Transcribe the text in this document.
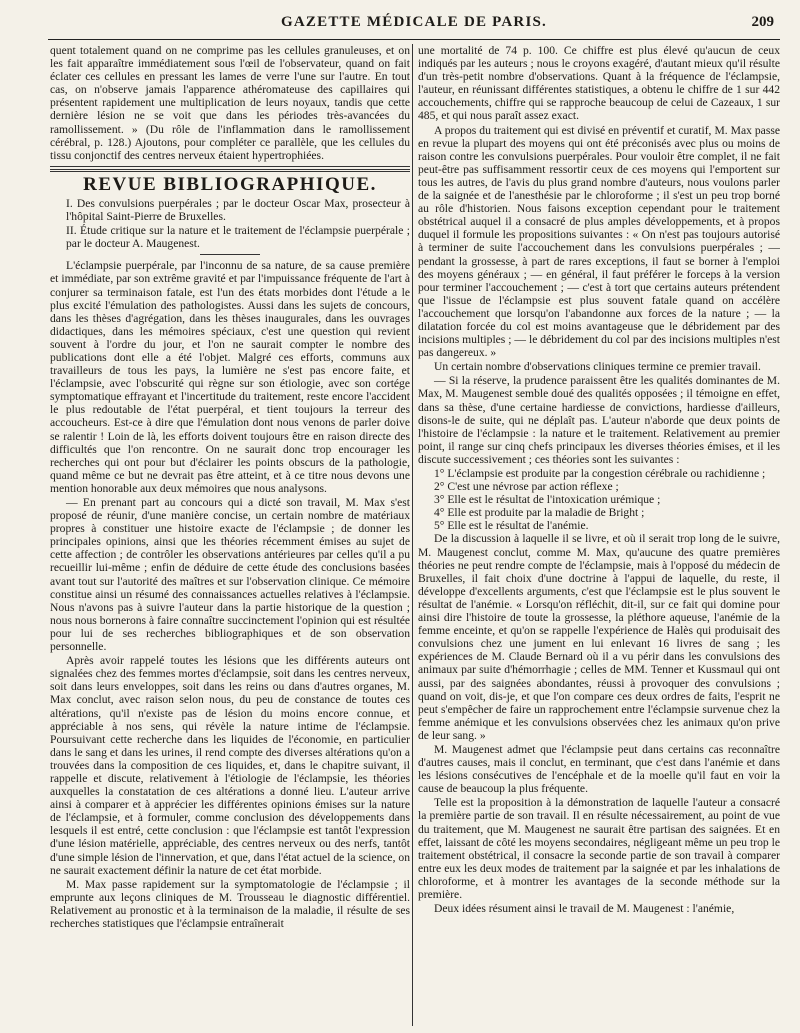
GAZETTE MÉDICALE DE PARIS.	209

quent totalement quand on ne comprime pas les cellules granuleuses, et on les fait apparaître immédiatement sous l'œil de l'observateur, quand on fait éclater ces cellules en pressant les lames de verre l'une sur l'autre. En tout cas, on n'observe jamais l'apparence athéromateuse des capillaires qui présentent rapidement une multiplication de leurs noyaux, tandis que cette dernière lésion ne se voit que dans les périodes très-avancées du ramollissement. » (Du rôle de l'inflammation dans le ramollissement cérébral, p. 128.) Ajoutons, pour compléter ce parallèle, que les cellules du tissu conjonctif des centres nerveux étaient hypertrophiées.

REVUE BIBLIOGRAPHIQUE.

I. Des convulsions puerpérales ; par le docteur Oscar Max, prosecteur à l'hôpital Saint-Pierre de Bruxelles.

II. Étude critique sur la nature et le traitement de l'éclampsie puerpérale ; par le docteur A. Maugenest.

L'éclampsie puerpérale, par l'inconnu de sa nature, de sa cause première et immédiate, par son extrême gravité et par l'impuissance fréquente de l'art à conjurer sa terminaison fatale, est l'un des états morbides dont l'étude a le plus excité l'émulation des pathologistes. Aussi dans les sujets de concours, dans les thèses d'agrégation, dans les thèses inaugurales, dans les ouvrages didactiques, dans les mémoires spéciaux, c'est une question qui revient souvent à l'ordre du jour, et l'on ne saurait compter le nombre des publications dont elle a été l'objet. Malgré ces efforts, communs aux travailleurs de tous les pays, la lumière ne s'est pas encore faite, et l'éclampsie, avec l'obscurité qui règne sur son étiologie, avec son cortége symptomatique effrayant et l'incertitude du traitement, reste encore l'accident le plus redoutable de l'état puerpéral, et tient toujours la terreur des accoucheurs. Est-ce à dire que l'émulation dont nous venons de parler doive se ralentir ! Loin de là, les efforts doivent toujours être en raison directe des difficultés que l'on rencontre. On ne saurait donc trop encourager les recherches qui ont pour but d'éclairer les points obscurs de la pathologie, quand même ce but ne devrait pas être atteint, et à ce titre nous devons une mention honorable aux deux mémoires que nous analysons.

— En prenant part au concours qui a dicté son travail, M. Max s'est proposé de réunir, d'une manière concise, un certain nombre de matériaux propres à constituer une histoire exacte de l'éclampsie ; de donner les principales opinions, ainsi que les théories récemment émises au sujet de cette affection ; de contrôler les observations antérieures par celles qu'il a pu recueillir lui-même ; enfin de déduire de cette étude des conclusions basées avant tout sur l'autorité des maîtres et sur l'observation clinique. Ce mémoire constitue ainsi un résumé des connaissances actuelles relatives à l'éclampsie. Nous n'avons pas à suivre l'auteur dans la partie historique de la question ; nous nous bornerons à faire connaître succinctement l'opinion qui est résultée pour lui de ses recherches bibliographiques et de son observation personnelle.

Après avoir rappelé toutes les lésions que les différents auteurs ont signalées chez des femmes mortes d'éclampsie, soit dans les centres nerveux, soit dans leurs enveloppes, soit dans les reins ou dans d'autres organes, M. Max conclut, avec raison selon nous, du peu de constance de toutes ces altérations, qu'il n'existe pas de lésion du moins encore connue, et appréciable à nos sens, qui révèle la nature intime de l'éclampsie. Poursuivant cette recherche dans les liquides de l'économie, en particulier dans le sang et dans les urines, il rend compte des diverses altérations qu'on a trouvées dans la composition de ces liquides, et, dans le chapitre suivant, il rappelle et discute, relativement à l'étiologie de l'éclampsie, les théories auxquelles la constatation de ces altérations a donné lieu. L'auteur arrive ainsi à comparer et à apprécier les différentes opinions émises sur la nature de l'éclampsie, et à formuler, comme conclusion des développements dans lesquels il est entré, cette conclusion : que l'éclampsie est tantôt l'expression d'une lésion matérielle, appréciable, des centres nerveux ou des nerfs, tantôt d'une simple lésion de l'innervation, et que, dans l'état actuel de la science, on ne saurait exactement définir la nature de cet état morbide.

M. Max passe rapidement sur la symptomatologie de l'éclampsie ; il emprunte aux leçons cliniques de M. Trousseau le diagnostic différentiel. Relativement au pronostic et à la terminaison de la maladie, il résulte de ses recherches statistiques que l'éclampsie entraînerait

une mortalité de 74 p. 100. Ce chiffre est plus élevé qu'aucun de ceux indiqués par les auteurs ; nous le croyons exagéré, d'autant mieux qu'il résulte d'un très-petit nombre d'observations. Quant à la fréquence de l'éclampsie, l'auteur, en réunissant différentes statistiques, a obtenu le chiffre de 1 sur 442 accouchements, chiffre qui se rapproche beaucoup de celui de Cazeaux, 1 sur 485, et qui nous paraît assez exact.

A propos du traitement qui est divisé en préventif et curatif, M. Max passe en revue la plupart des moyens qui ont été préconisés avec plus ou moins de raison contre les convulsions puerpérales. Pour vouloir être complet, il ne fait peut-être pas suffisamment ressortir ceux de ces moyens qui l'emportent sur tous les autres, de l'avis du plus grand nombre d'auteurs, nous voulons parler de la saignée et de l'anesthésie par le chloroforme ; il s'est un peu trop borné au rôle d'historien. Nous faisons exception cependant pour le traitement obstétrical auquel il a consacré de plus amples développements, et à propos duquel il formule les propositions suivantes : « On n'est pas toujours autorisé à terminer de suite l'accouchement dans les convulsions puerpérales ; — pendant la grossesse, à part de rares exceptions, il faut se borner à l'emploi des moyens généraux ; — en général, il faut préférer le forceps à la version pour terminer l'accouchement ; — c'est à tort que certains auteurs prétendent que l'issue de l'éclampsie est plus souvent fatale quand on accélère l'accouchement que lorsqu'on l'abandonne aux forces de la nature ; — la dilatation forcée du col est moins avantageuse que le débridement par des incisions multiples ; — le débridement du col par des incisions multiples n'est pas dangereux. »

Un certain nombre d'observations cliniques termine ce premier travail.

— Si la réserve, la prudence paraissent être les qualités dominantes de M. Max, M. Maugenest semble doué des qualités opposées ; il témoigne en effet, dans sa thèse, d'une certaine hardiesse de convictions, hardiesse d'ailleurs, disons-le de suite, qui ne déplaît pas. L'auteur n'aborde que deux points de l'histoire de l'éclampsie : la nature et le traitement. Relativement au premier point, il range sur cinq chefs principaux les diverses théories émises, et il les discute successivement ; ces théories sont les suivantes :

1° L'éclampsie est produite par la congestion cérébrale ou rachidienne ;

2° C'est une névrose par action réflexe ;

3° Elle est le résultat de l'intoxication urémique ;

4° Elle est produite par la maladie de Bright ;

5° Elle est le résultat de l'anémie.

De la discussion à laquelle il se livre, et où il serait trop long de le suivre, M. Maugenest conclut, comme M. Max, qu'aucune des quatre premières théories ne peut rendre compte de l'éclampsie, mais à l'opposé du médecin de Bruxelles, il fait choix d'une doctrine à l'appui de laquelle, du reste, il développe d'excellents arguments, c'est que l'éclampsie est le plus souvent le résultat de l'anémie. « Lorsqu'on réfléchit, dit-il, sur ce fait qui domine pour ainsi dire l'histoire de toute la grossesse, la pléthore aqueuse, l'anémie de la femme enceinte, et qu'on se rappelle l'expérience de Halès qui produisait des convulsions chez une jument en lui enlevant 16 livres de sang ; les expériences de M. Claude Bernard où il a vu périr dans les convulsions des animaux par suite d'hémorrhagie ; celles de MM. Tenner et Kussmaul qui ont aussi, par des saignées abondantes, réussi à provoquer des convulsions ; quand on voit, dis-je, et que l'on compare ces deux ordres de faits, l'esprit ne peut s'empêcher de faire un rapprochement entre l'éclampsie survenue chez la femme anémique et les convulsions observées chez les animaux qu'on prive de leur sang. »

M. Maugenest admet que l'éclampsie peut dans certains cas reconnaître d'autres causes, mais il conclut, en terminant, que c'est dans l'anémie et dans les lésions consécutives de l'encéphale et de la moelle qu'il faut en voir la cause de beaucoup la plus fréquente.

Telle est la proposition à la démonstration de laquelle l'auteur a consacré la première partie de son travail. Il en résulte nécessairement, au point de vue du traitement, que M. Maugenest ne saurait être partisan des saignées. Et en effet, laissant de côté les moyens secondaires, négligeant même un peu trop le traitement obstétrical, il consacre la seconde partie de son travail à comparer entre eux les deux modes de traitement par la saignée et par les inhalations de chloroforme, et à montrer les avantages de la seconde méthode sur la première.

Deux idées résument ainsi le travail de M. Maugenest : l'anémie,
